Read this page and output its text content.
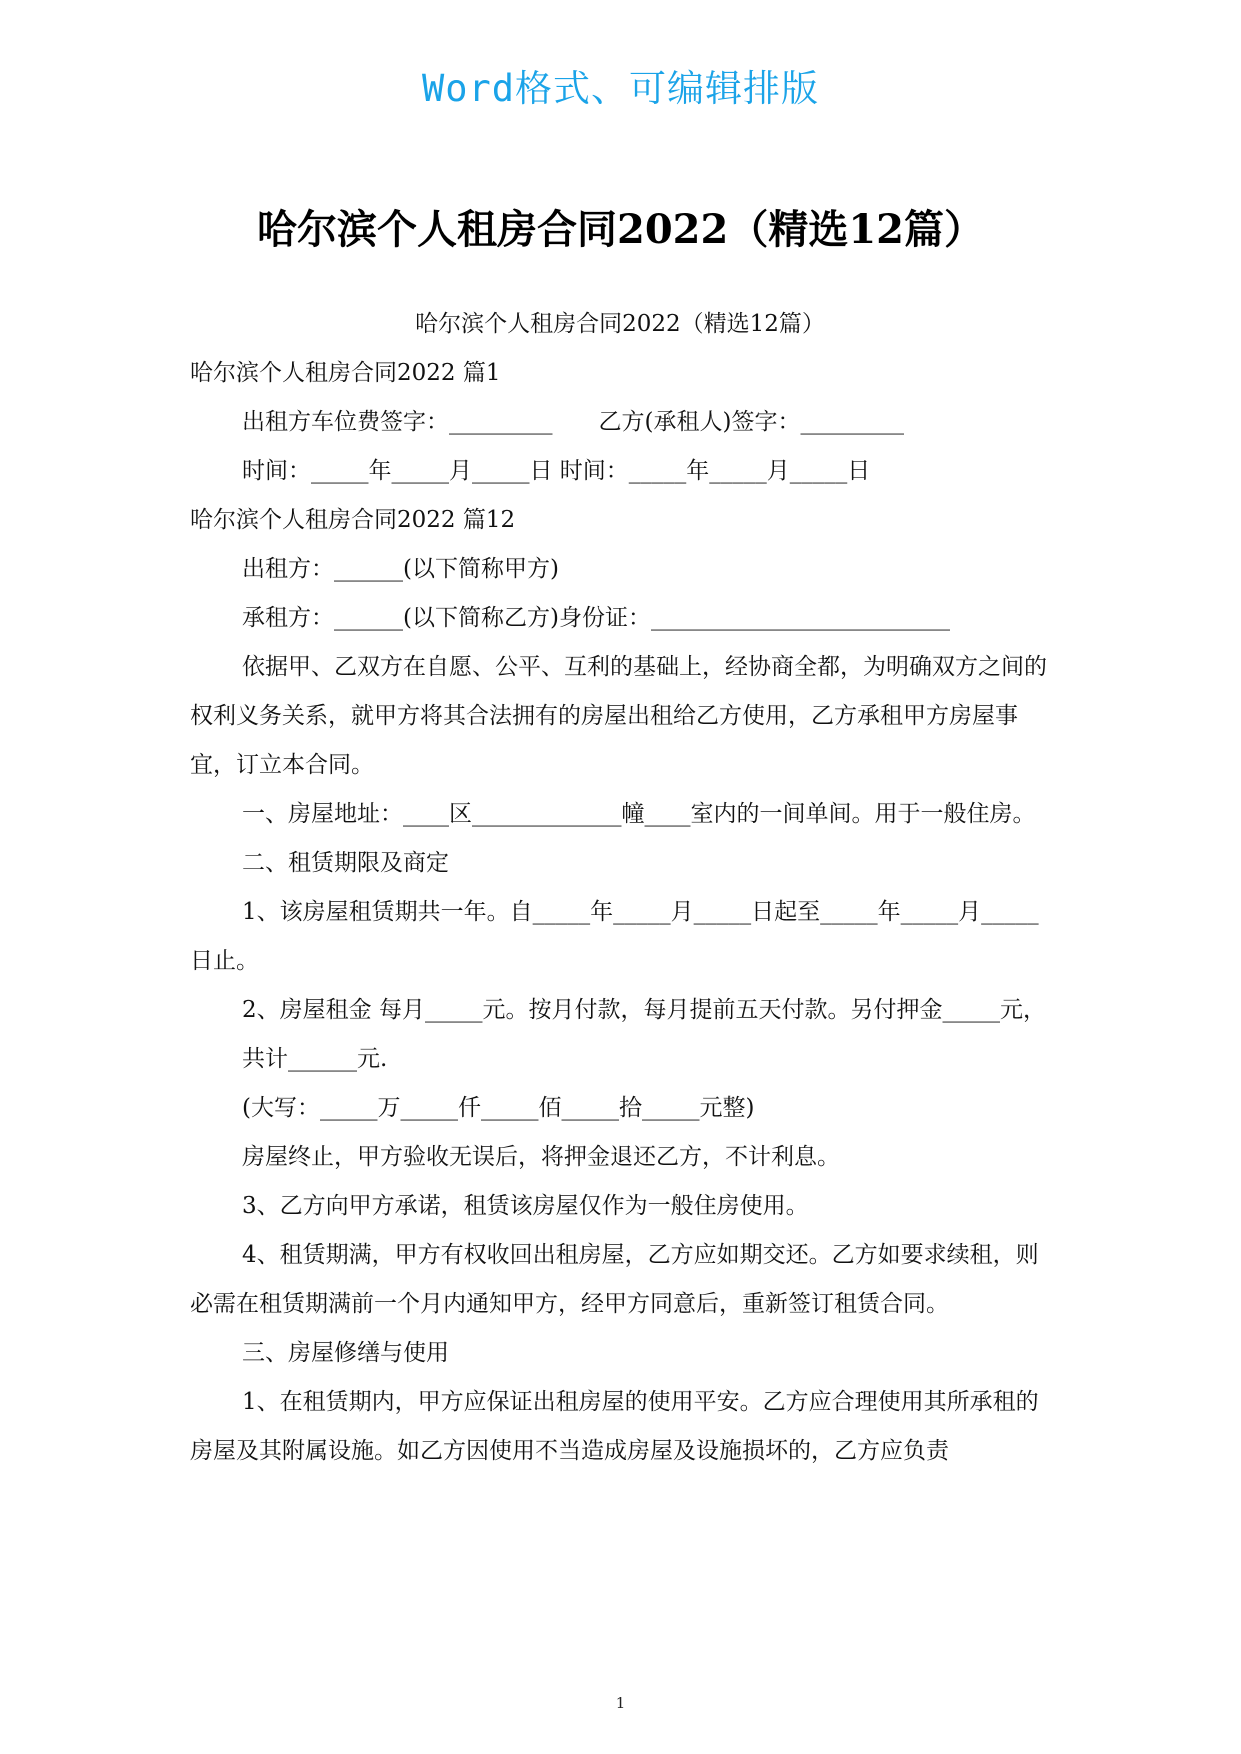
Word格式、可编辑排版
哈尔滨个人租房合同2022（精选12篇）

哈尔滨个人租房合同2022（精选12篇）

哈尔滨个人租房合同2022 篇1

出租方车位费签字：_________　　乙方(承租人)签字：_________

时间：_____年_____月_____日 时间：_____年_____月_____日

哈尔滨个人租房合同2022 篇12

出租方：______(以下简称甲方)

承租方：______(以下简称乙方)身份证：__________________________

依据甲、乙双方在自愿、公平、互利的基础上，经协商全都，为明确双方之间的权利义务关系，就甲方将其合法拥有的房屋出租给乙方使用，乙方承租甲方房屋事宜，订立本合同。

一、房屋地址：____区_____________幢____室内的一间单间。用于一般住房。

二、租赁期限及商定

1、该房屋租赁期共一年。自_____年_____月_____日起至_____年_____月_____日止。

2、房屋租金 每月_____元。按月付款，每月提前五天付款。另付押金_____元，

共计______元.

(大写：_____万_____仟_____佰_____拾_____元整)

房屋终止，甲方验收无误后，将押金退还乙方，不计利息。

3、乙方向甲方承诺，租赁该房屋仅作为一般住房使用。

4、租赁期满，甲方有权收回出租房屋，乙方应如期交还。乙方如要求续租，则必需在租赁期满前一个月内通知甲方，经甲方同意后，重新签订租赁合同。

三、房屋修缮与使用

1、在租赁期内，甲方应保证出租房屋的使用平安。乙方应合理使用其所承租的房屋及其附属设施。如乙方因使用不当造成房屋及设施损坏的，乙方应负责

1
